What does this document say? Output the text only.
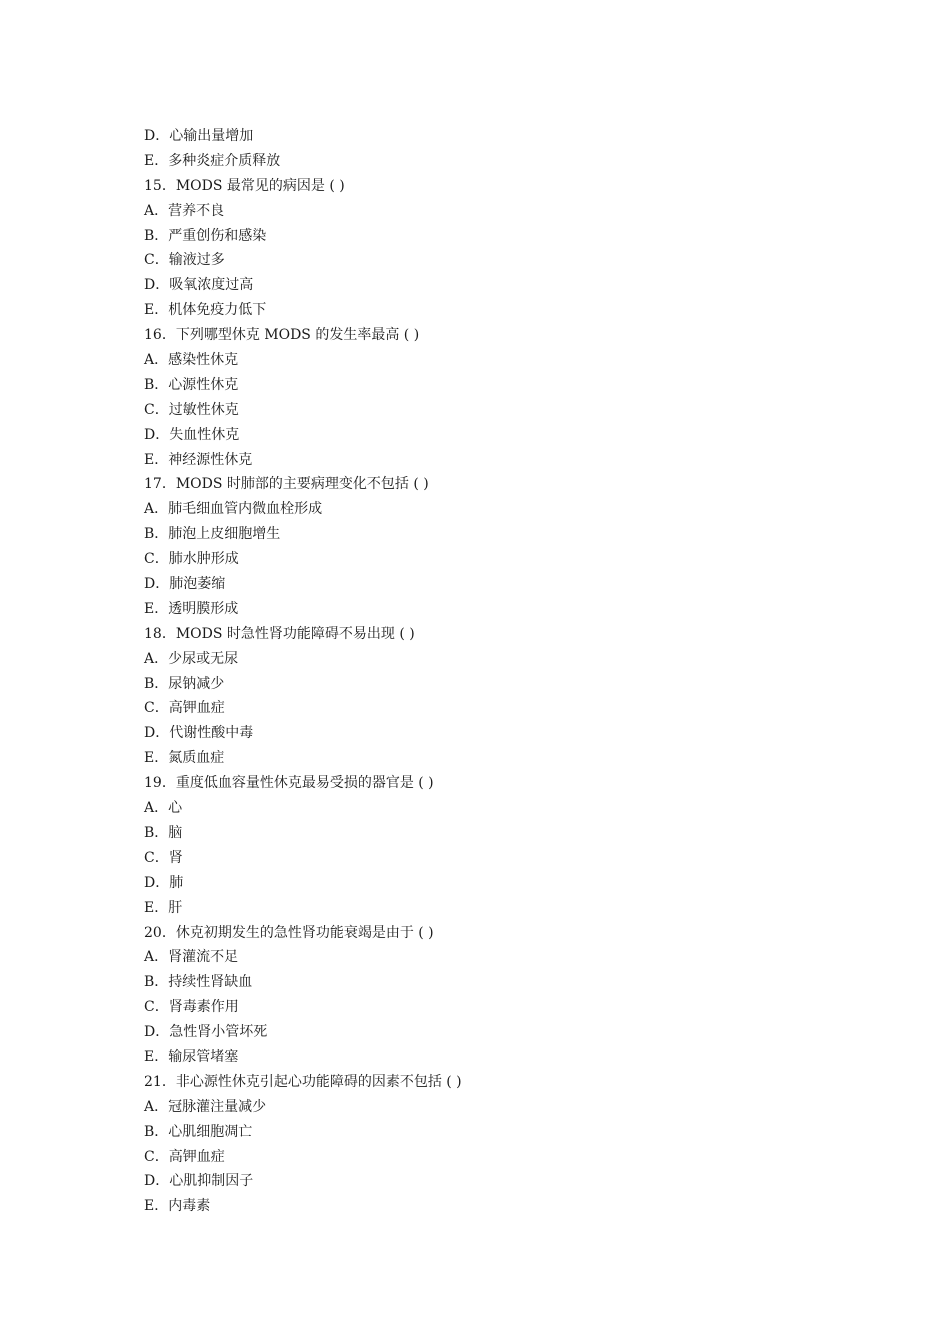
D．心输出量增加
E．多种炎症介质释放
15．MODS 最常见的病因是 ( )
A．营养不良
B．严重创伤和感染
C．输液过多
D．吸氧浓度过高
E．机体免疫力低下
16．下列哪型休克 MODS 的发生率最高 ( )
A．感染性休克
B．心源性休克
C．过敏性休克
D．失血性休克
E．神经源性休克
17．MODS 时肺部的主要病理变化不包括 ( )
A．肺毛细血管内微血栓形成
B．肺泡上皮细胞增生
C．肺水肿形成
D．肺泡萎缩
E．透明膜形成
18．MODS 时急性肾功能障碍不易出现 ( )
A．少尿或无尿
B．尿钠减少
C．高钾血症
D．代谢性酸中毒
E．氮质血症
19．重度低血容量性休克最易受损的器官是 ( )
A．心
B．脑
C．肾
D．肺
E．肝
20．休克初期发生的急性肾功能衰竭是由于 ( )
A．肾灌流不足
B．持续性肾缺血
C．肾毒素作用
D．急性肾小管坏死
E．输尿管堵塞
21．非心源性休克引起心功能障碍的因素不包括 ( )
A．冠脉灌注量减少
B．心肌细胞凋亡
C．高钾血症
D．心肌抑制因子
E．内毒素
